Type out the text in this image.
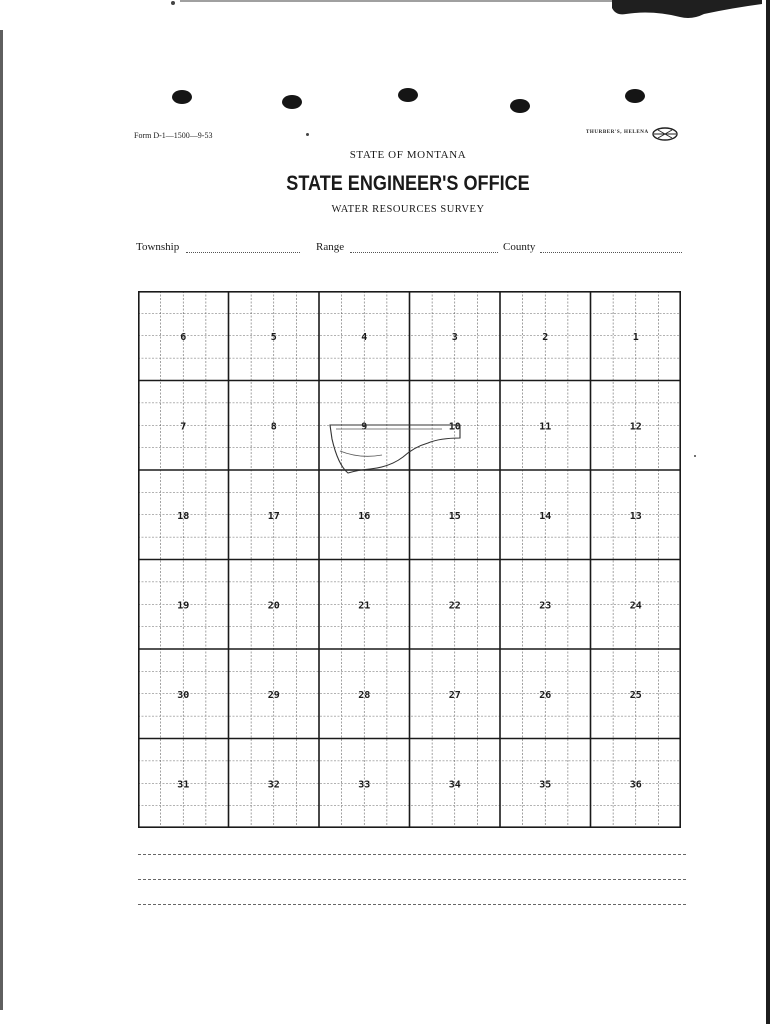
Form D-1—1500—9-53	THURBER'S, HELENA
STATE OF MONTANA
STATE ENGINEER'S OFFICE
WATER RESOURCES SURVEY
Township	Range	County
6	5	4	3	2	1
7	8	9	10	11	12
18	17	16	15	14	13
19	20	21	22	23	24
30	29	28	27	26	25
31	32	33	34	35	36
